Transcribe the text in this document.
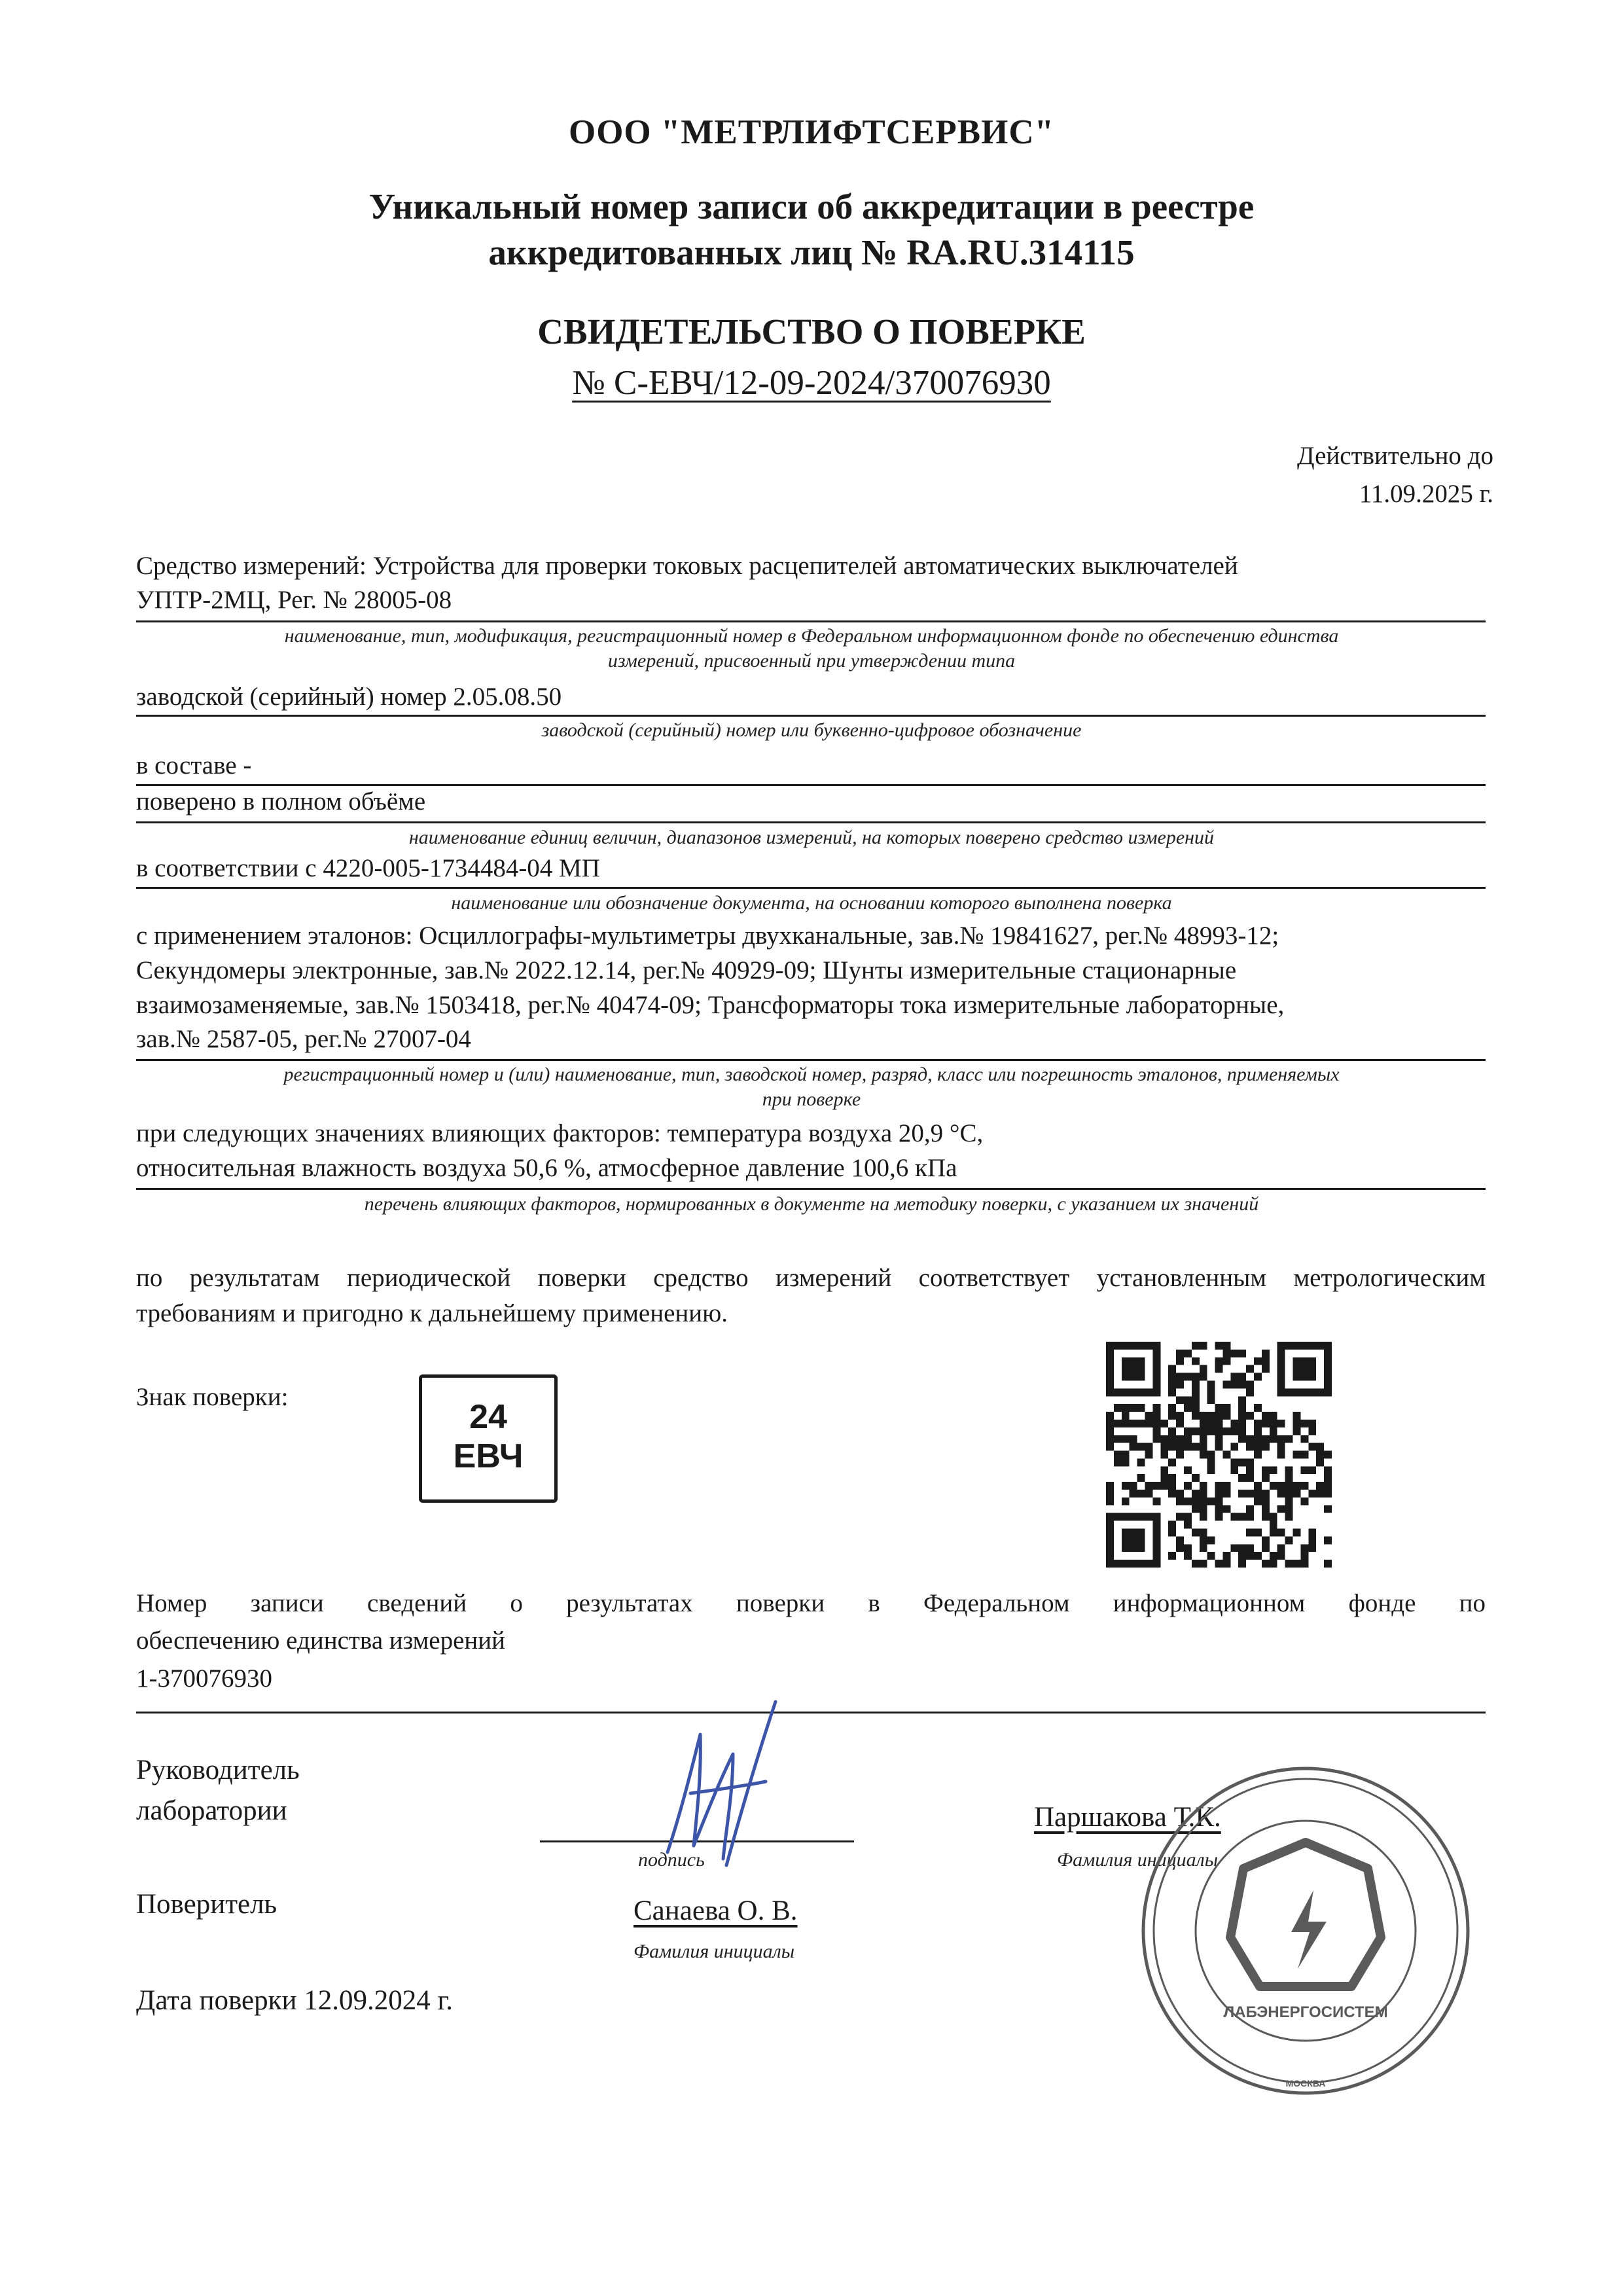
ООО "МЕТРЛИФТСЕРВИС"
Уникальный номер записи об аккредитации в реестре
аккредитованных лиц № RA.RU.314115
СВИДЕТЕЛЬСТВО О ПОВЕРКЕ
№ С-ЕВЧ/12-09-2024/370076930
Действительно до
11.09.2025 г.
Средство измерений: Устройства для проверки токовых расцепителей автоматических выключателей
УПТР-2МЦ, Рег. № 28005-08
наименование, тип, модификация, регистрационный номер в Федеральном информационном фонде по обеспечению единства
измерений, присвоенный при утверждении типа
заводской (серийный) номер 2.05.08.50
заводской (серийный) номер или буквенно-цифровое обозначение
в составе -
поверено в полном объёме
наименование единиц величин, диапазонов измерений, на которых поверено средство измерений
в соответствии с 4220-005-1734484-04 МП
наименование или обозначение документа, на основании которого выполнена поверка
с применением эталонов: Осциллографы-мультиметры двухканальные, зав.№ 19841627, рег.№ 48993-12;
Секундомеры электронные, зав.№ 2022.12.14, рег.№ 40929-09; Шунты измерительные стационарные
взаимозаменяемые, зав.№ 1503418, рег.№ 40474-09; Трансформаторы тока измерительные лабораторные,
зав.№ 2587-05, рег.№ 27007-04
регистрационный номер и (или) наименование, тип, заводской номер, разряд, класс или погрешность эталонов, применяемых
при поверке
при следующих значениях влияющих факторов: температура воздуха 20,9 °С,
относительная влажность воздуха 50,6 %, атмосферное давление 100,6 кПа
перечень влияющих факторов, нормированных в документе на методику поверки, с указанием их значений
по результатам периодической поверки средство измерений соответствует установленным метрологическим
требованиям и пригодно к дальнейшему применению.
Знак поверки:
24
ЕВЧ
Номер записи сведений о результатах поверки в Федеральном информационном фонде по
обеспечению единства измерений
1-370076930
Руководитель
лаборатории
подпись
Паршакова Т.К.
Фамилия инициалы
Поверитель	Санаева О. В.
Фамилия инициалы
Дата поверки 12.09.2024 г.	ЛАБЭНЕРГОСИСТЕМ
МОСКВА
